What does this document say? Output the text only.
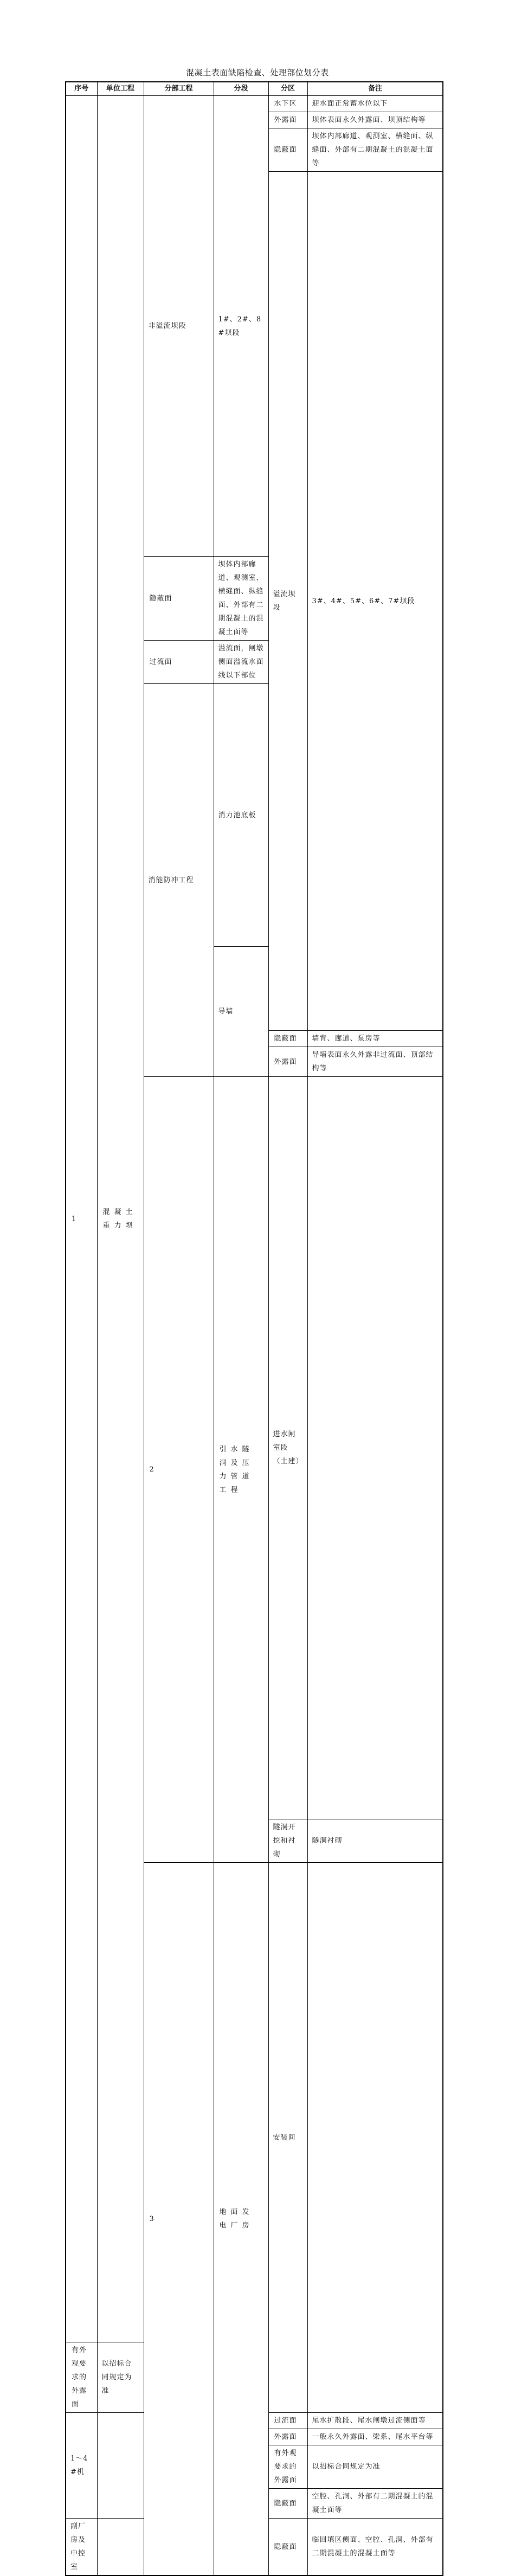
混凝土表面缺陷检查、处理部位划分表
序号	单位工程	分部工程	分段	分区	备注	
1	混凝土重力坝	非溢流坝段	1#、2#、8#坝段	水下区	迎水面正常蓄水位以下	
				外露面	坝体表面永久外露面、坝顶结构等	
				隐蔽面	坝体内部廊道、观测室、横缝面、纵缝面、外部有二期混凝土的混凝土面等	
				溢流坝段	3#、4#、5#、6#、7#坝段		

		隐蔽面	坝体内部廊道、观测室、横缝面、纵缝面、外部有二期混凝土的混凝土面等			
		过流面	溢流面，闸墩侧面溢流水面线以下部位			
		消能防冲工程	消力池底板		

			导墙		
				隐蔽面	墙背、廊道、泵房等	
				外露面	导墙表面永久外露非过流面、顶部结构等	
		2	引水隧洞及压力管道工程	进水闸室段（土建）			

				隧洞开挖和衬砌	隧洞衬砌		
		3	地面发电厂房	安装间			

有外观要求的外露面	以招标合同规定为准					
1～4#机				过流面	尾水扩散段、尾水闸墩过流侧面等	
				外露面	一般永久外露面、梁系、尾水平台等	
				有外观要求的外露面	以招标合同规定为准	
				隐蔽面	空腔、孔洞、外部有二期混凝土的混凝土面等	
副厂房及中控室				隐蔽面	临回填区侧面、空腔、孔洞、外部有二期混凝土的混凝土面等	
